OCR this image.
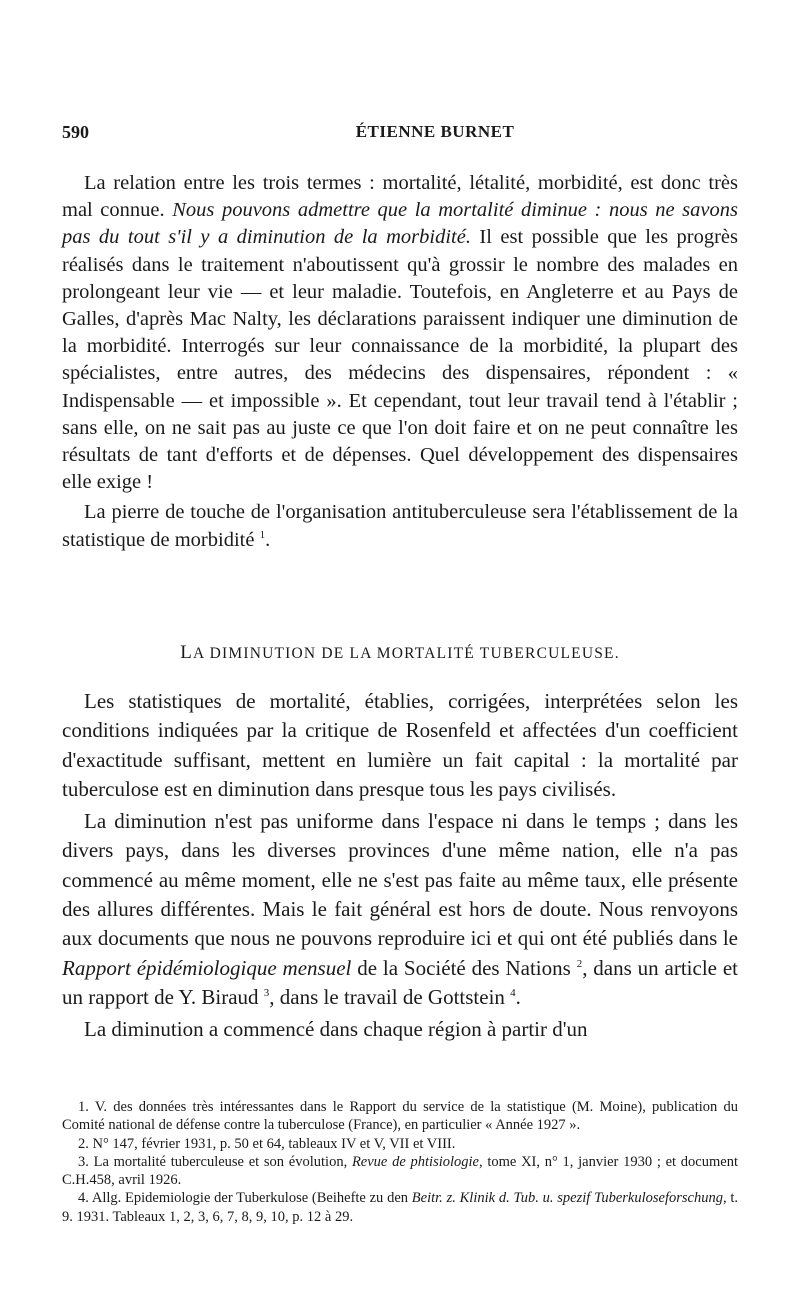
590	ÉTIENNE BURNET

La relation entre les trois termes : mortalité, létalité, morbidité, est donc très mal connue. Nous pouvons admettre que la mortalité diminue : nous ne savons pas du tout s'il y a diminution de la morbidité. Il est possible que les progrès réalisés dans le traitement n'aboutissent qu'à grossir le nombre des malades en prolongeant leur vie — et leur maladie. Toutefois, en Angleterre et au Pays de Galles, d'après Mac Nalty, les déclarations paraissent indiquer une diminution de la morbidité. Interrogés sur leur connaissance de la morbidité, la plupart des spécialistes, entre autres, des médecins des dispensaires, répondent : « Indispensable — et impossible ». Et cependant, tout leur travail tend à l'établir ; sans elle, on ne sait pas au juste ce que l'on doit faire et on ne peut connaître les résultats de tant d'efforts et de dépenses. Quel développement des dispensaires elle exige !

La pierre de touche de l'organisation antituberculeuse sera l'établissement de la statistique de morbidité $^1$.

LA DIMINUTION DE LA MORTALITÉ TUBERCULEUSE.

Les statistiques de mortalité, établies, corrigées, interprétées selon les conditions indiquées par la critique de Rosenfeld et affectées d'un coefficient d'exactitude suffisant, mettent en lumière un fait capital : la mortalité par tuberculose est en diminution dans presque tous les pays civilisés.

La diminution n'est pas uniforme dans l'espace ni dans le temps ; dans les divers pays, dans les diverses provinces d'une même nation, elle n'a pas commencé au même moment, elle ne s'est pas faite au même taux, elle présente des allures différentes. Mais le fait général est hors de doute. Nous renvoyons aux documents que nous ne pouvons reproduire ici et qui ont été publiés dans le Rapport épidémiologique mensuel de la Société des Nations $^2$, dans un article et un rapport de Y. Biraud $^3$, dans le travail de Gottstein $^4$.

La diminution a commencé dans chaque région à partir d'un

1. V. des données très intéressantes dans le Rapport du service de la statistique (M. Moine), publication du Comité national de défense contre la tuberculose (France), en particulier « Année 1927 ».

2. N° 147, février 1931, p. 50 et 64, tableaux IV et V, VII et VIII.

3. La mortalité tuberculeuse et son évolution, Revue de phtisiologie, tome XI, n° 1, janvier 1930 ; et document C.H.458, avril 1926.

4. Allg. Epidemiologie der Tuberkulose (Beihefte zu den Beitr. z. Klinik d. Tub. u. spezif Tuberkuloseforschung, t. 9. 1931. Tableaux 1, 2, 3, 6, 7, 8, 9, 10, p. 12 à 29.
